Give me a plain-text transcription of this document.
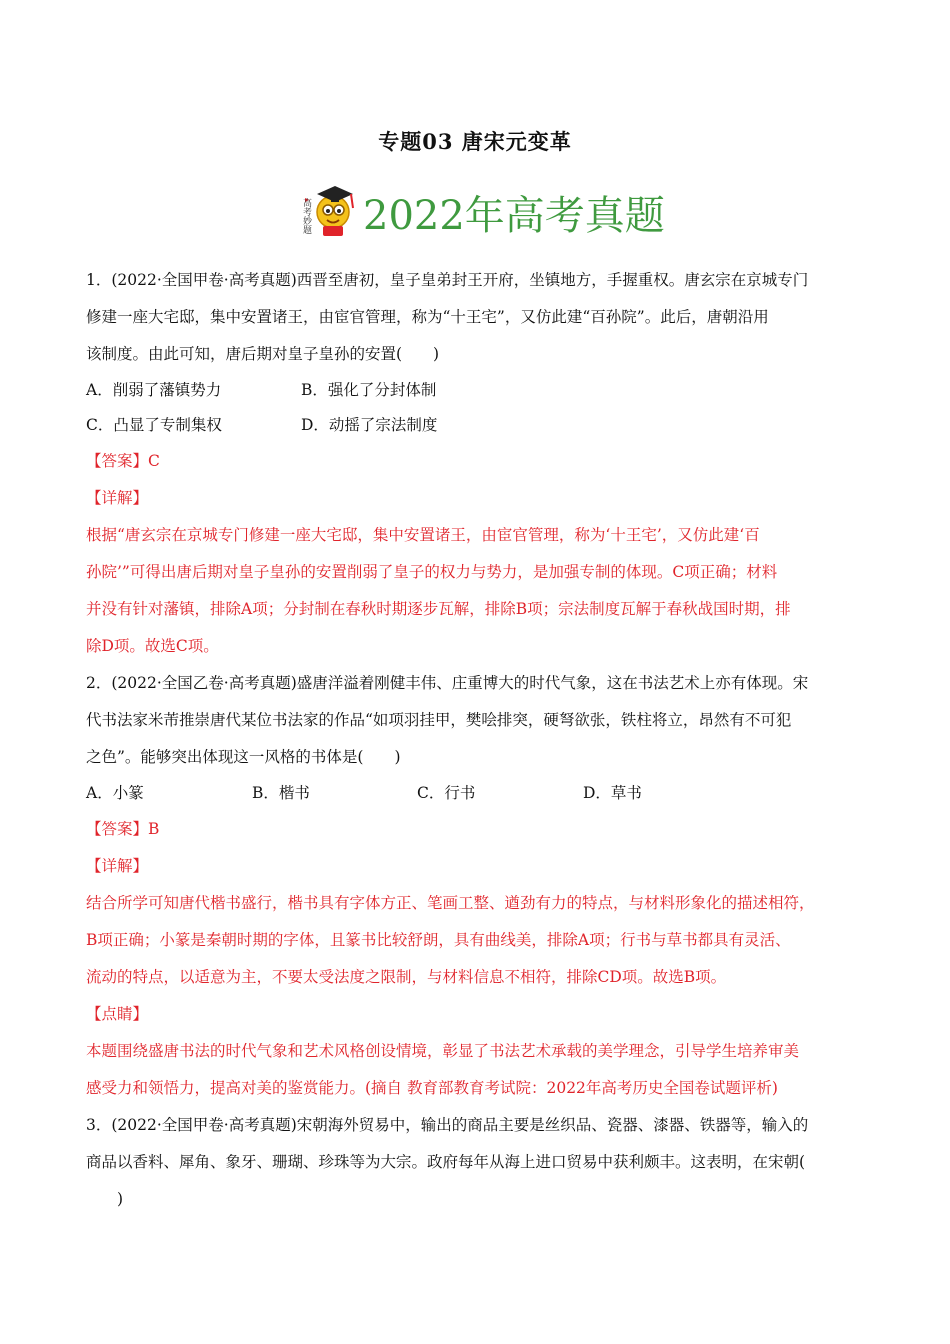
专题03 唐宋元变革
高考妙题 2022年高考真题
1．(2022·全国甲卷·高考真题)西晋至唐初，皇子皇弟封王开府，坐镇地方，手握重权。唐玄宗在京城专门
修建一座大宅邸，集中安置诸王，由宦官管理，称为“十王宅”，又仿此建“百孙院”。此后，唐朝沿用
该制度。由此可知，唐后期对皇子皇孙的安置(　　)
A．削弱了藩镇势力	B．强化了分封体制
C．凸显了专制集权	D．动摇了宗法制度
【答案】C
【详解】
根据“唐玄宗在京城专门修建一座大宅邸，集中安置诸王，由宦官管理，称为‘十王宅’，又仿此建‘百
孙院’”可得出唐后期对皇子皇孙的安置削弱了皇子的权力与势力，是加强专制的体现。C项正确；材料
并没有针对藩镇，排除A项；分封制在春秋时期逐步瓦解，排除B项；宗法制度瓦解于春秋战国时期，排
除D项。故选C项。
2．(2022·全国乙卷·高考真题)盛唐洋溢着刚健丰伟、庄重博大的时代气象，这在书法艺术上亦有体现。宋
代书法家米芾推崇唐代某位书法家的作品“如项羽挂甲，樊哙排突，硬弩欲张，铁柱将立，昂然有不可犯
之色”。能够突出体现这一风格的书体是(　　)
A．小篆	B．楷书	C．行书	D．草书
【答案】B
【详解】
结合所学可知唐代楷书盛行，楷书具有字体方正、笔画工整、遒劲有力的特点，与材料形象化的描述相符，
B项正确；小篆是秦朝时期的字体，且篆书比较舒朗，具有曲线美，排除A项；行书与草书都具有灵活、
流动的特点，以适意为主，不要太受法度之限制，与材料信息不相符，排除CD项。故选B项。
【点睛】
本题围绕盛唐书法的时代气象和艺术风格创设情境，彰显了书法艺术承载的美学理念，引导学生培养审美
感受力和领悟力，提高对美的鉴赏能力。(摘自 教育部教育考试院：2022年高考历史全国卷试题评析)
3．(2022·全国甲卷·高考真题)宋朝海外贸易中，输出的商品主要是丝织品、瓷器、漆器、铁器等，输入的
商品以香料、犀角、象牙、珊瑚、珍珠等为大宗。政府每年从海上进口贸易中获利颇丰。这表明，在宋朝(
　　)
